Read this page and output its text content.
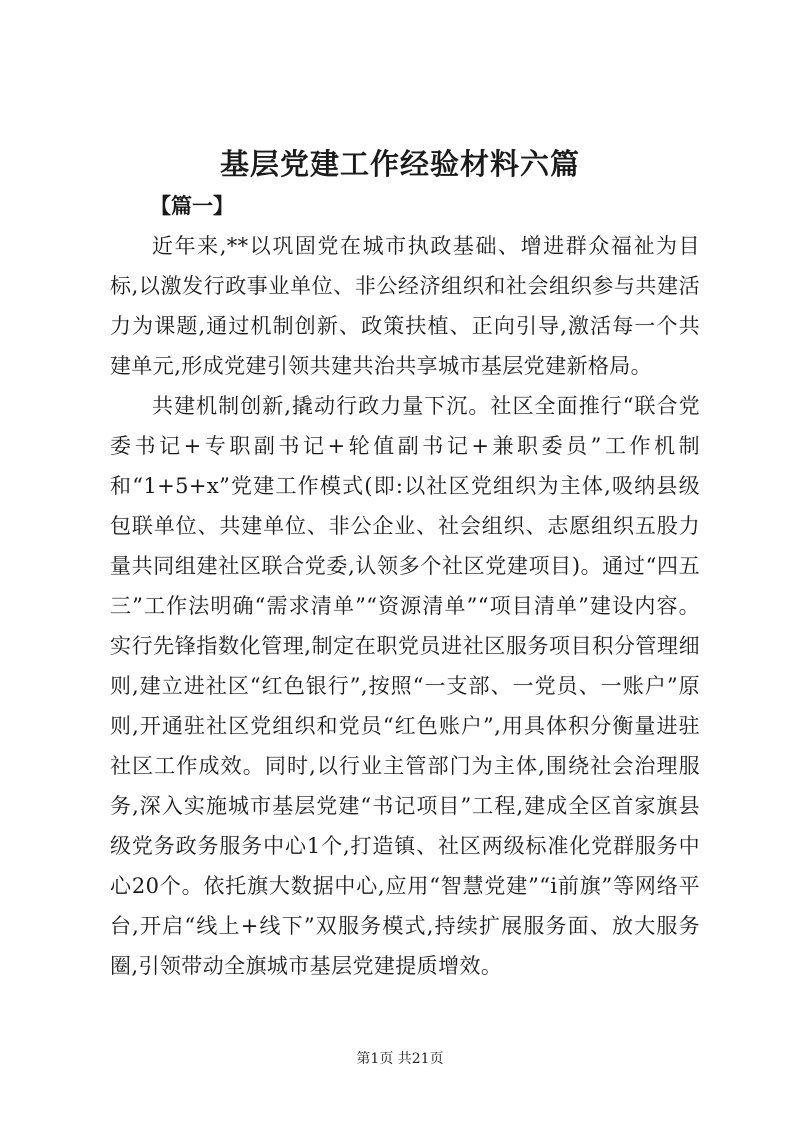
基层党建工作经验材料六篇
【篇一】

近年来,**以巩固党在城市执政基础、增进群众福祉为目标,以激发行政事业单位、非公经济组织和社会组织参与共建活力为课题,通过机制创新、政策扶植、正向引导,激活每一个共建单元,形成党建引领共建共治共享城市基层党建新格局。

共建机制创新,撬动行政力量下沉。社区全面推行“联合党委书记+专职副书记+轮值副书记+兼职委员”工作机制和“1+5+x”党建工作模式(即:以社区党组织为主体,吸纳县级包联单位、共建单位、非公企业、社会组织、志愿组织五股力量共同组建社区联合党委,认领多个社区党建项目)。通过“四五三”工作法明确“需求清单”“资源清单”“项目清单”建设内容。实行先锋指数化管理,制定在职党员进社区服务项目积分管理细则,建立进社区“红色银行”,按照“一支部、一党员、一账户”原则,开通驻社区党组织和党员“红色账户”,用具体积分衡量进驻社区工作成效。同时,以行业主管部门为主体,围绕社会治理服务,深入实施城市基层党建“书记项目”工程,建成全区首家旗县级党务政务服务中心1个,打造镇、社区两级标准化党群服务中心20个。依托旗大数据中心,应用“智慧党建”“i前旗”等网络平台,开启“线上+线下”双服务模式,持续扩展服务面、放大服务圈,引领带动全旗城市基层党建提质增效。

第1页 共21页
